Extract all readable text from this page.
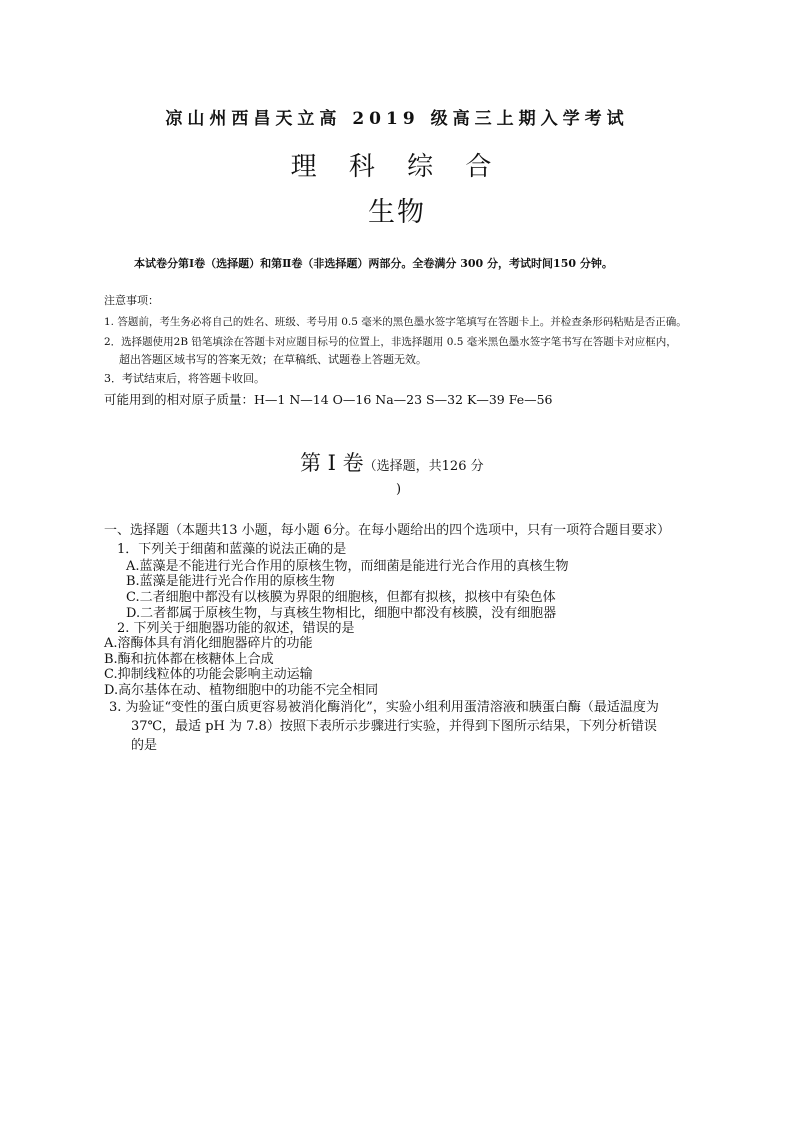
凉山州西昌天立高 2019 级高三上期入学考试
理 科 综 合
生物
本试卷分第Ⅰ卷（选择题）和第Ⅱ卷（非选择题）两部分。全卷满分 300 分，考试时间150 分钟。
注意事项：
1. 答题前，考生务必将自己的姓名、班级、考号用 0.5 毫米的黑色墨水签字笔填写在答题卡上。并检查条形码粘贴是否正确。
2．选择题使用2B 铅笔填涂在答题卡对应题目标号的位置上，非选择题用 0.5 毫米黑色墨水签字笔书写在答题卡对应框内，
超出答题区域书写的答案无效；在草稿纸、试题卷上答题无效。
3．考试结束后，将答题卡收回。
可能用到的相对原子质量：H—1 N—14 O—16 Na—23 S—32 K—39 Fe—56
第 Ⅰ 卷（选择题，共126 分
)
一、选择题（本题共13 小题，每小题 6分。在每小题给出的四个选项中，只有一项符合题目要求）
1．下列关于细菌和蓝藻的说法正确的是
A.蓝藻是不能进行光合作用的原核生物，而细菌是能进行光合作用的真核生物
B.蓝藻是能进行光合作用的原核生物
C.二者细胞中都没有以核膜为界限的细胞核，但都有拟核，拟核中有染色体
D.二者都属于原核生物，与真核生物相比，细胞中都没有核膜，没有细胞器
2. 下列关于细胞器功能的叙述，错误的是
A.溶酶体具有消化细胞器碎片的功能
B.酶和抗体都在核糖体上合成
C.抑制线粒体的功能会影响主动运输
D.高尔基体在动、植物细胞中的功能不完全相同
3. 为验证“变性的蛋白质更容易被消化酶消化”，实验小组利用蛋清溶液和胰蛋白酶（最适温度为
37℃，最适 pH 为 7.8）按照下表所示步骤进行实验，并得到下图所示结果，下列分析错误
的是
